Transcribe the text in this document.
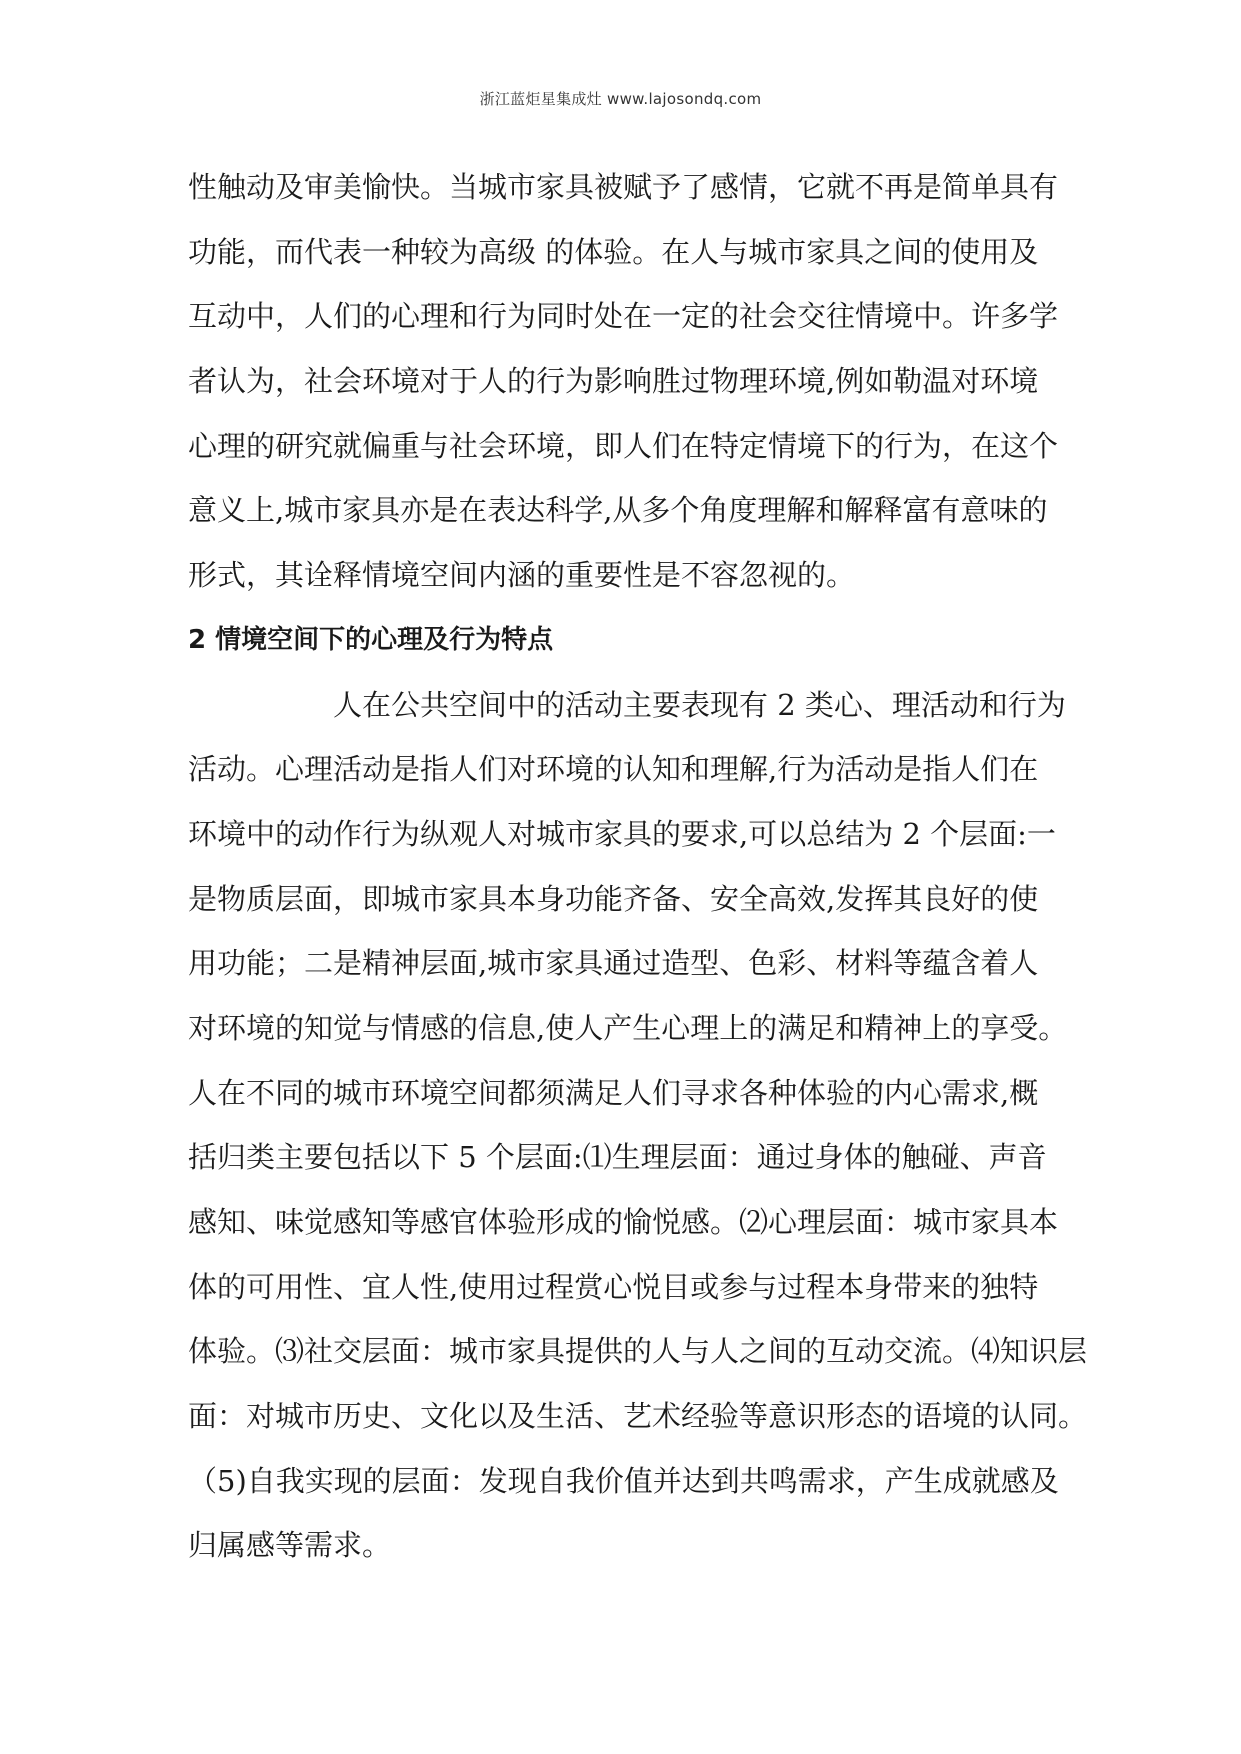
浙江蓝炬星集成灶 www.lajosondq.com
性触动及审美愉快。当城市家具被赋予了感情，它就不再是简单具有
功能，而代表一种较为高级 的体验。在人与城市家具之间的使用及
互动中，人们的心理和行为同时处在一定的社会交往情境中。许多学
者认为，社会环境对于人的行为影响胜过物理环境,例如勒温对环境
心理的研究就偏重与社会环境，即人们在特定情境下的行为，在这个
意义上,城市家具亦是在表达科学,从多个角度理解和解释富有意味的
形式，其诠释情境空间内涵的重要性是不容忽视的。
2 情境空间下的心理及行为特点
人在公共空间中的活动主要表现有 2 类心、理活动和行为
活动。心理活动是指人们对环境的认知和理解,行为活动是指人们在
环境中的动作行为纵观人对城市家具的要求,可以总结为 2 个层面:一
是物质层面，即城市家具本身功能齐备、安全高效,发挥其良好的使
用功能；二是精神层面,城市家具通过造型、色彩、材料等蕴含着人
对环境的知觉与情感的信息,使人产生心理上的满足和精神上的享受。
人在不同的城市环境空间都须满足人们寻求各种体验的内心需求,概
括归类主要包括以下 5 个层面:⑴生理层面：通过身体的触碰、声音
感知、味觉感知等感官体验形成的愉悦感。⑵心理层面：城市家具本
体的可用性、宜人性,使用过程赏心悦目或参与过程本身带来的独特
体验。⑶社交层面：城市家具提供的人与人之间的互动交流。⑷知识层
面：对城市历史、文化以及生活、艺术经验等意识形态的语境的认同。
（5)自我实现的层面：发现自我价值并达到共鸣需求，产生成就感及
归属感等需求。
